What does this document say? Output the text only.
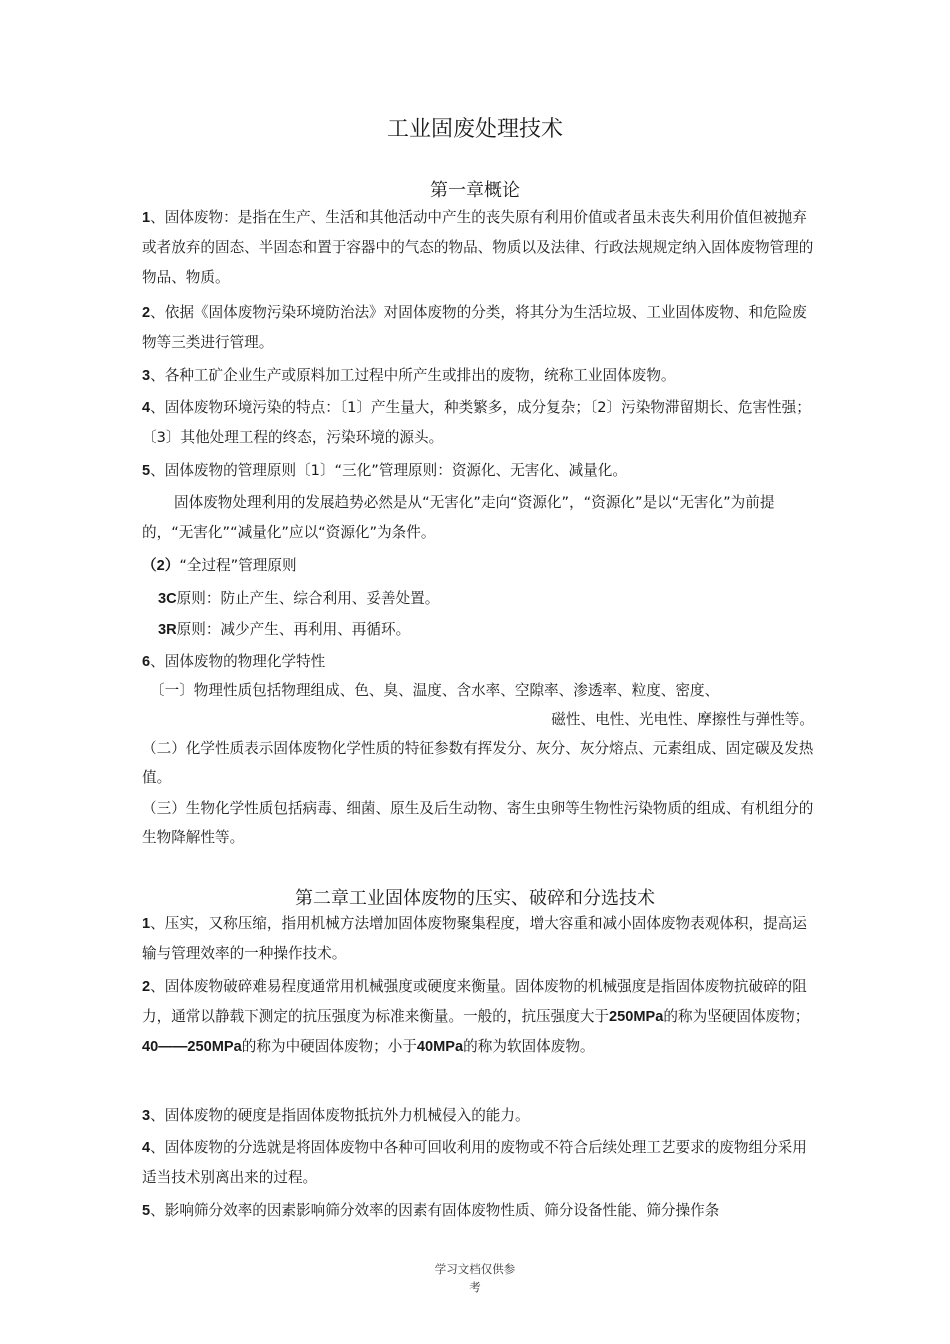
工业固废处理技术
第一章概论

1、固体废物：是指在生产、生活和其他活动中产生的丧失原有利用价值或者虽未丧失利用价值但被抛弃或者放弃的固态、半固态和置于容器中的气态的物品、物质以及法律、行政法规规定纳入固体废物管理的物品、物质。

2、依据《固体废物污染环境防治法》对固体废物的分类，将其分为生活垃圾、工业固体废物、和危险废物等三类进行管理。

3、各种工矿企业生产或原料加工过程中所产生或排出的废物，统称工业固体废物。

4、固体废物环境污染的特点：〔1〕产生量大，种类繁多，成分复杂；〔2〕污染物滞留期长、危害性强；〔3〕其他处理工程的终态，污染环境的源头。

5、固体废物的管理原则〔1〕“三化”管理原则：资源化、无害化、减量化。

固体废物处理利用的发展趋势必然是从“无害化”走向“资源化”，“资源化”是以“无害化”为前提的，“无害化”“减量化”应以“资源化”为条件。

（2）“全过程”管理原则

3C原则：防止产生、综合利用、妥善处置。

3R原则：减少产生、再利用、再循环。

6、固体废物的物理化学特性

〔一〕物理性质包括物理组成、色、臭、温度、含水率、空隙率、渗透率、粒度、密度、

磁性、电性、光电性、摩擦性与弹性等。

（二）化学性质表示固体废物化学性质的特征参数有挥发分、灰分、灰分熔点、元素组成、固定碳及发热值。

（三）生物化学性质包括病毒、细菌、原生及后生动物、寄生虫卵等生物性污染物质的组成、有机组分的生物降解性等。

第二章工业固体废物的压实、破碎和分选技术

1、压实，又称压缩，指用机械方法增加固体废物聚集程度，增大容重和减小固体废物表观体积，提高运输与管理效率的一种操作技术。

2、固体废物破碎难易程度通常用机械强度或硬度来衡量。固体废物的机械强度是指固体废物抗破碎的阻力，通常以静载下测定的抗压强度为标准来衡量。一般的，抗压强度大于250MPa的称为坚硬固体废物；40——250MPa的称为中硬固体废物；小于40MPa的称为软固体废物。

3、固体废物的硬度是指固体废物抵抗外力机械侵入的能力。

4、固体废物的分选就是将固体废物中各种可回收利用的废物或不符合后续处理工艺要求的废物组分采用适当技术别离出来的过程。

5、影响筛分效率的因素影响筛分效率的因素有固体废物性质、筛分设备性能、筛分操作条

学习文档仅供参
考
